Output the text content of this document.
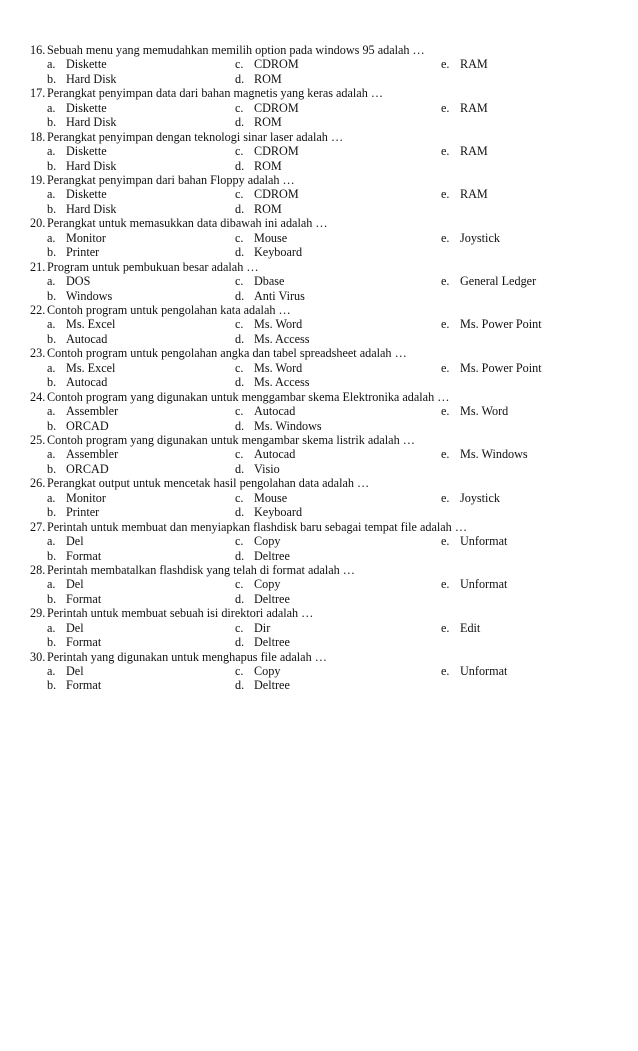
16. Sebuah menu yang memudahkan memilih option pada windows 95 adalah …
a. Diskette	c. CDROM	e. RAM
b. Hard Disk	d. ROM
17. Perangkat penyimpan data dari bahan magnetis yang keras adalah …
a. Diskette	c. CDROM	e. RAM
b. Hard Disk	d. ROM
18. Perangkat penyimpan dengan teknologi sinar laser adalah …
a. Diskette	c. CDROM	e. RAM
b. Hard Disk	d. ROM
19. Perangkat penyimpan dari bahan Floppy adalah …
a. Diskette	c. CDROM	e. RAM
b. Hard Disk	d. ROM
20. Perangkat untuk memasukkan data dibawah ini adalah …
a. Monitor	c. Mouse	e. Joystick
b. Printer	d. Keyboard
21. Program untuk pembukuan besar adalah …
a. DOS	c. Dbase	e. General Ledger
b. Windows	d. Anti Virus
22. Contoh program untuk pengolahan kata adalah …
a. Ms. Excel	c. Ms. Word	e. Ms. Power Point
b. Autocad	d. Ms. Access
23. Contoh program untuk pengolahan angka dan tabel spreadsheet adalah …
a. Ms. Excel	c. Ms. Word	e. Ms. Power Point
b. Autocad	d. Ms. Access
24. Contoh program yang digunakan untuk menggambar skema Elektronika adalah …
a. Assembler	c. Autocad	e. Ms. Word
b. ORCAD	d. Ms. Windows
25. Contoh program yang digunakan untuk mengambar skema listrik adalah …
a. Assembler	c. Autocad	e. Ms. Windows
b. ORCAD	d. Visio
26. Perangkat output untuk mencetak hasil pengolahan data adalah …
a. Monitor	c. Mouse	e. Joystick
b. Printer	d. Keyboard
27. Perintah untuk membuat dan menyiapkan flashdisk baru sebagai tempat file adalah …
a. Del	c. Copy	e. Unformat
b. Format	d. Deltree
28. Perintah membatalkan flashdisk yang telah di format adalah …
a. Del	c. Copy	e. Unformat
b. Format	d. Deltree
29. Perintah untuk membuat sebuah isi direktori adalah …
a. Del	c. Dir	e. Edit
b. Format	d. Deltree
30. Perintah yang digunakan untuk menghapus file adalah …
a. Del	c. Copy	e. Unformat
b. Format	d. Deltree
